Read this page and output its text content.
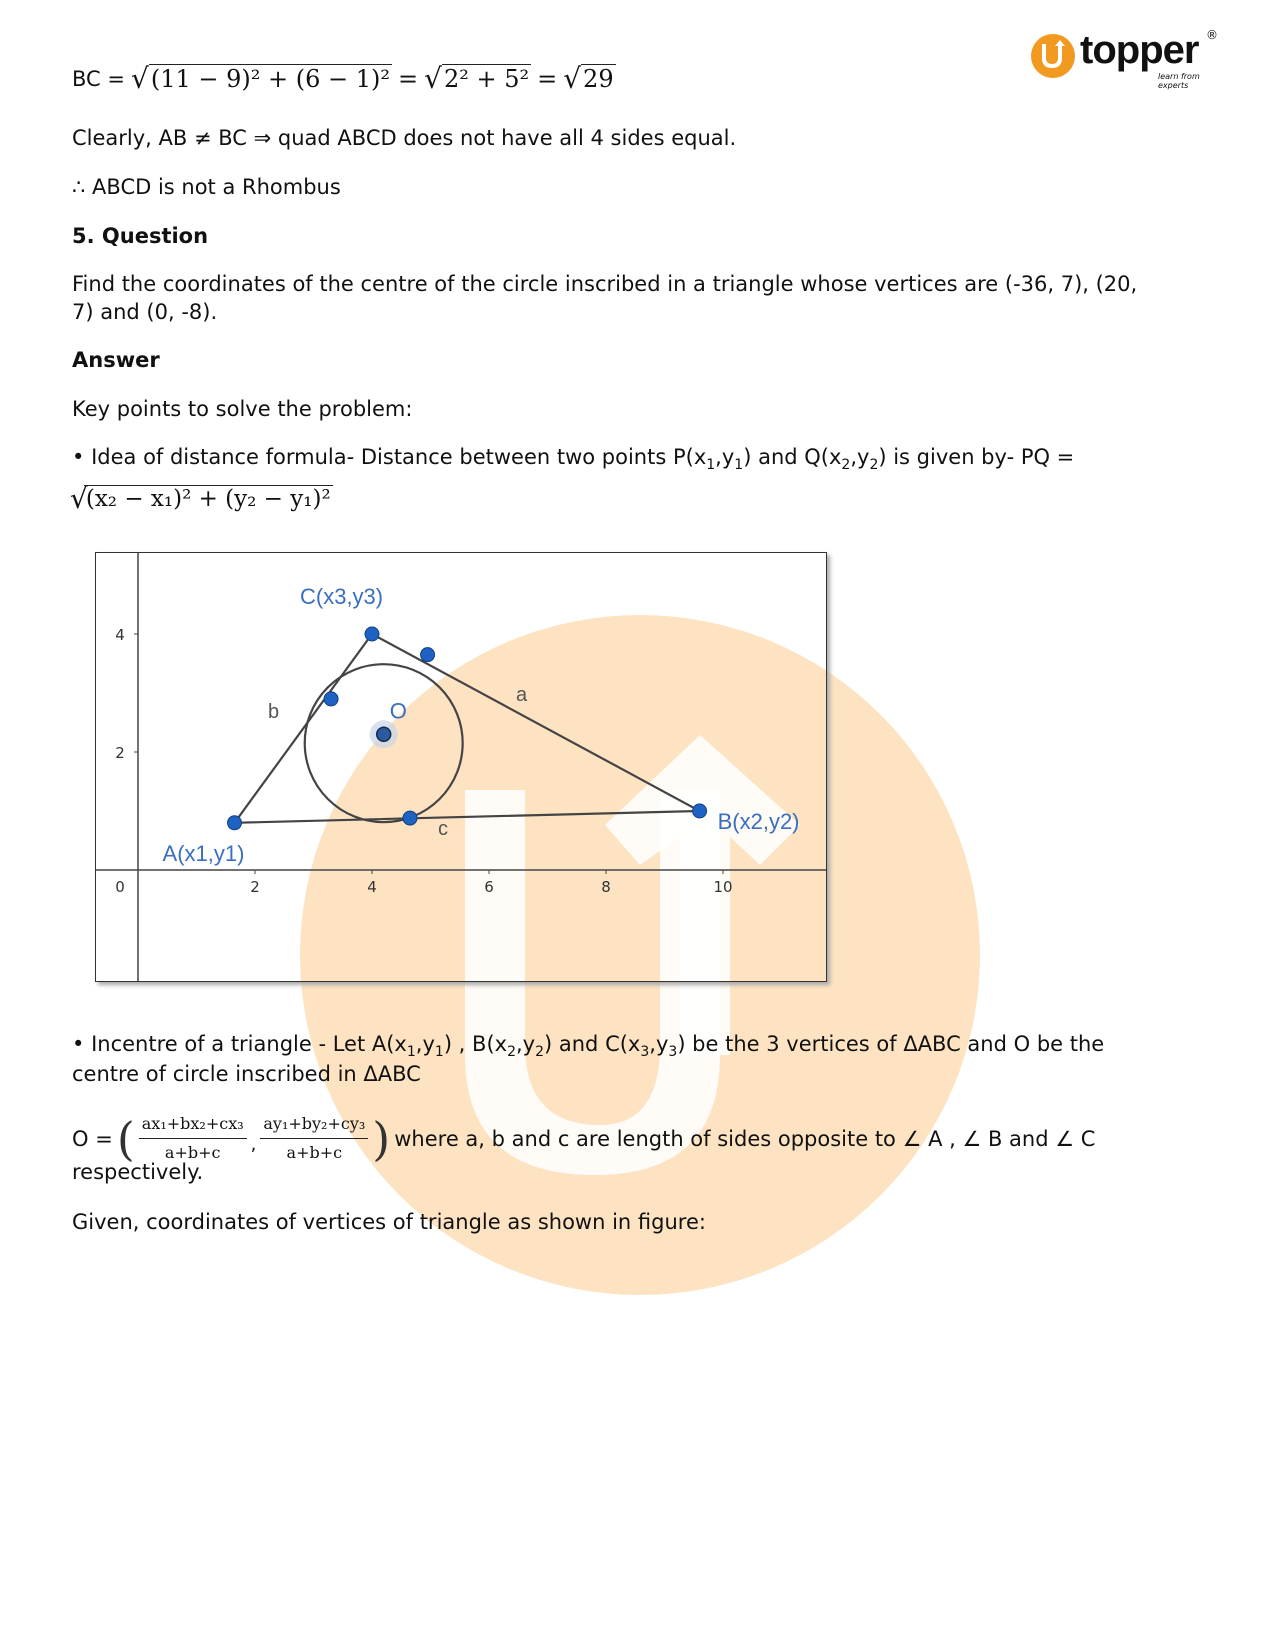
topper ®
learn from experts
BC = √ (11 − 9)² + (6 − 1)² = √ 2² + 5² = √ 29
Clearly, AB ≠ BC ⇒ quad ABCD does not have all 4 sides equal.
∴ ABCD is not a Rhombus
5. Question
Find the coordinates of the centre of the circle inscribed in a triangle whose vertices are (-36, 7), (20,
7) and (0, -8).
Answer
Key points to solve the problem:
• Idea of distance formula- Distance between two points $P(x_1,y_1)$ and $Q(x_2,y_2)$ is given by- PQ =
√
(x₂ − x₁)² + (y₂ − y₁)²
4
2
0	2	4	6	8	10
C(x3,y3)
A(x1,y1)
B(x2,y2)
O
a
b
c
• Incentre of a triangle - Let $A(x_1,y_1)$ , $B(x_2,y_2)$ and $C(x_3,y_3)$ be the 3 vertices of ΔABC and O be the
centre of circle inscribed in ΔABC
O = ( $\frac{\text{ax₁+bx₂+cx₃}}{a+b+c}$ , $\frac{\text{ay₁+by₂+cy₃}}{a+b+c}$ ) where a, b and c are length of sides opposite to ∠ A , ∠ B and ∠ C
respectively.
Given, coordinates of vertices of triangle as shown in figure:
